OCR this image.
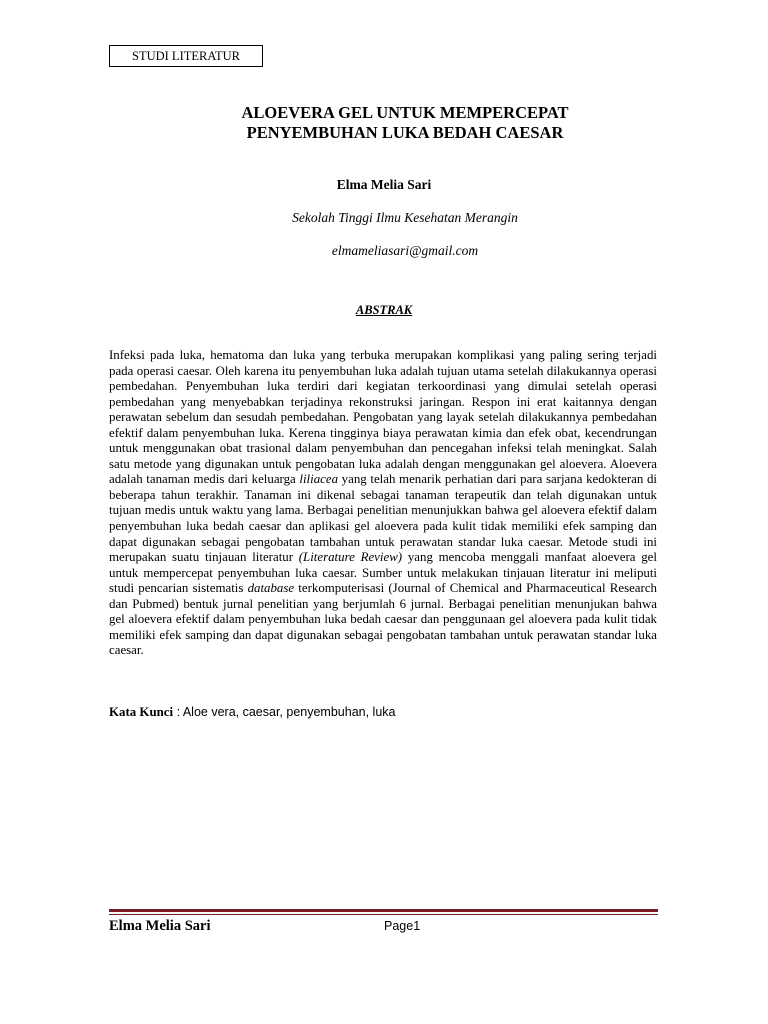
STUDI LITERATUR
ALOEVERA GEL UNTUK MEMPERCEPAT
PENYEMBUHAN LUKA BEDAH CAESAR
Elma Melia Sari
Sekolah Tinggi Ilmu Kesehatan Merangin
elmameliasari@gmail.com
ABSTRAK
Infeksi pada luka, hematoma dan luka yang terbuka merupakan komplikasi yang paling sering terjadi pada operasi caesar. Oleh karena itu penyembuhan luka adalah tujuan utama setelah dilakukannya operasi pembedahan. Penyembuhan luka terdiri dari kegiatan terkoordinasi yang dimulai setelah operasi pembedahan yang menyebabkan terjadinya rekonstruksi jaringan. Respon ini erat kaitannya dengan perawatan sebelum dan sesudah pembedahan. Pengobatan yang layak setelah dilakukannya pembedahan efektif dalam penyembuhan luka. Kerena tingginya biaya perawatan kimia dan efek obat, kecendrungan untuk menggunakan obat trasional dalam penyembuhan dan pencegahan infeksi telah meningkat. Salah satu metode yang digunakan untuk pengobatan luka adalah dengan menggunakan gel aloevera. Aloevera adalah tanaman medis dari keluarga liliacea yang telah menarik perhatian dari para sarjana kedokteran di beberapa tahun terakhir. Tanaman ini dikenal sebagai tanaman terapeutik dan telah digunakan untuk tujuan medis untuk waktu yang lama. Berbagai penelitian menunjukkan bahwa gel aloevera efektif dalam penyembuhan luka bedah caesar dan aplikasi gel aloevera pada kulit tidak memiliki efek samping dan dapat digunakan sebagai pengobatan tambahan untuk perawatan standar luka caesar. Metode studi ini merupakan suatu tinjauan literatur (Literature Review) yang mencoba menggali manfaat aloevera gel untuk mempercepat penyembuhan luka caesar. Sumber untuk melakukan tinjauan literatur ini meliputi studi pencarian sistematis database terkomputerisasi (Journal of Chemical and Pharmaceutical Research dan Pubmed) bentuk jurnal penelitian yang berjumlah 6 jurnal. Berbagai penelitian menunjukan bahwa gel aloevera efektif dalam penyembuhan luka bedah caesar dan penggunaan gel aloevera pada kulit tidak memiliki efek samping dan dapat digunakan sebagai pengobatan tambahan untuk perawatan standar luka caesar.
Kata Kunci : Aloe vera, caesar, penyembuhan, luka
Elma Melia Sari	Page1
